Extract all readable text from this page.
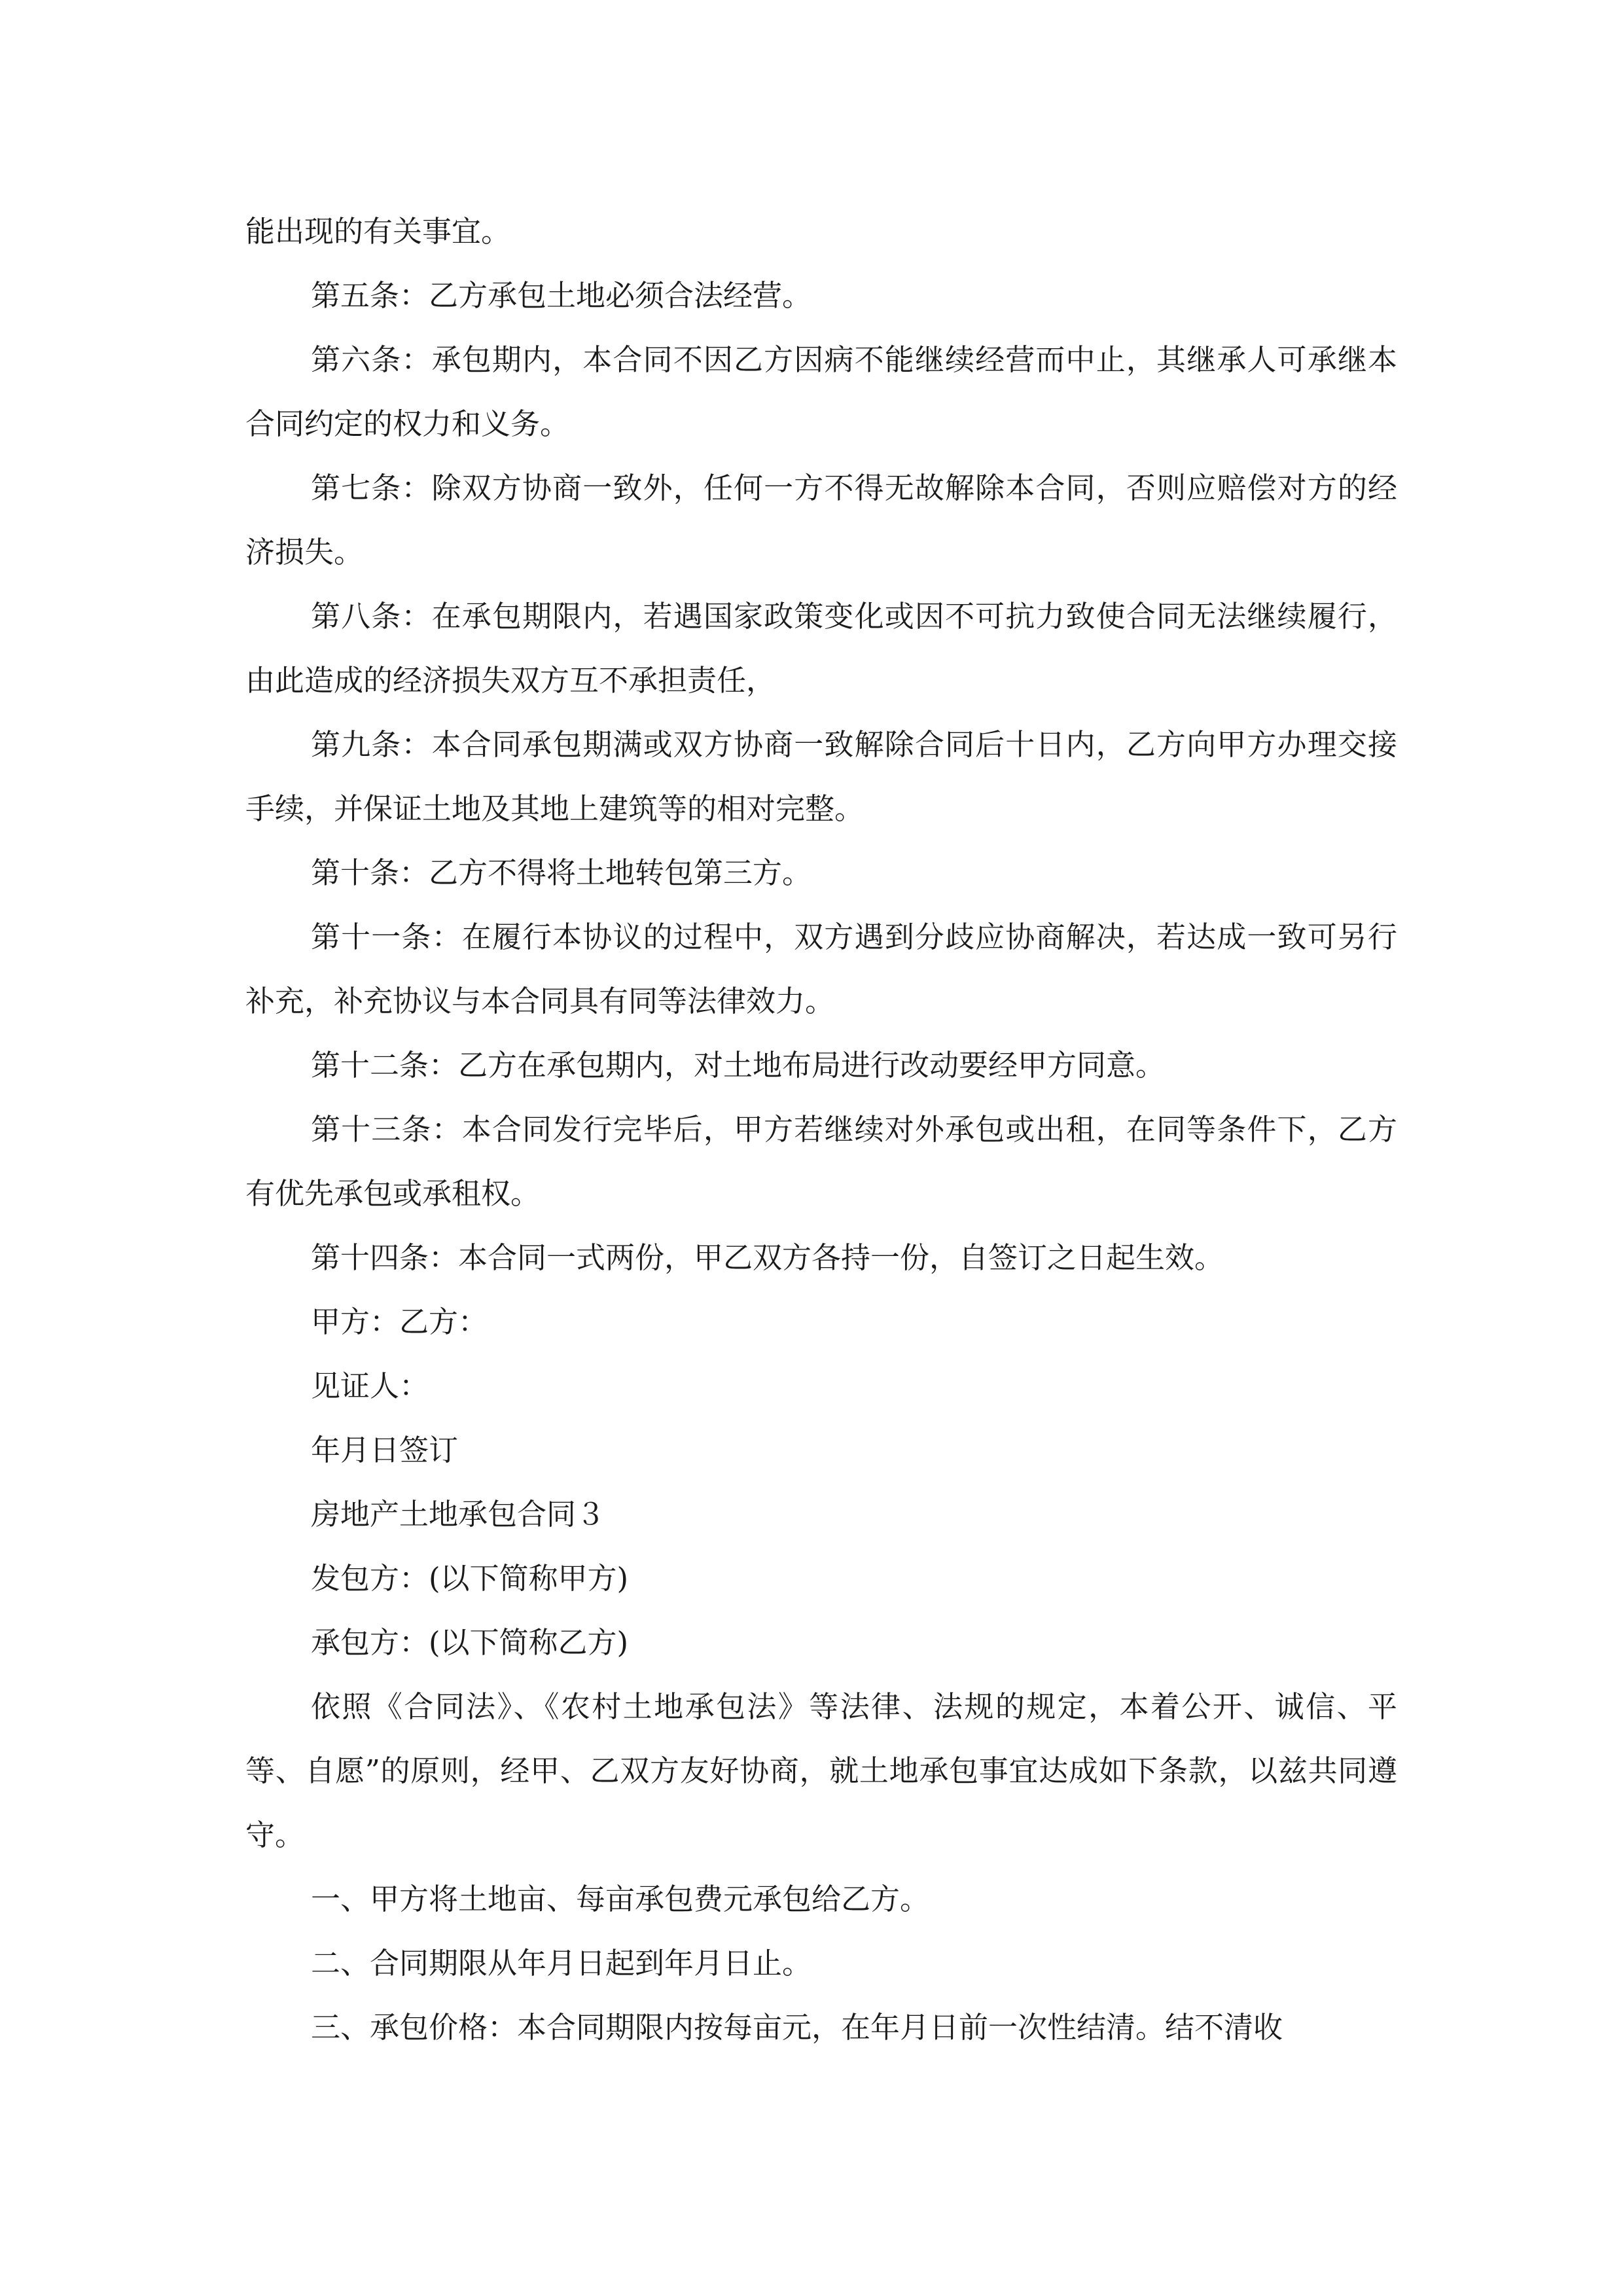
能出现的有关事宜。

第五条：乙方承包土地必须合法经营。

第六条：承包期内，本合同不因乙方因病不能继续经营而中止，其继承人可承继本合同约定的权力和义务。

第七条：除双方协商一致外，任何一方不得无故解除本合同，否则应赔偿对方的经济损失。

第八条：在承包期限内，若遇国家政策变化或因不可抗力致使合同无法继续履行，由此造成的经济损失双方互不承担责任，

第九条：本合同承包期满或双方协商一致解除合同后十日内，乙方向甲方办理交接手续，并保证土地及其地上建筑等的相对完整。

第十条：乙方不得将土地转包第三方。

第十一条：在履行本协议的过程中，双方遇到分歧应协商解决，若达成一致可另行补充，补充协议与本合同具有同等法律效力。

第十二条：乙方在承包期内，对土地布局进行改动要经甲方同意。

第十三条：本合同发行完毕后，甲方若继续对外承包或出租，在同等条件下，乙方有优先承包或承租权。

第十四条：本合同一式两份，甲乙双方各持一份，自签订之日起生效。

甲方：乙方：

见证人：

年月日签订

房地产土地承包合同３

发包方：(以下简称甲方)

承包方：(以下简称乙方)

依照《合同法》、《农村土地承包法》等法律、法规的规定，本着公开、诚信、平等、自愿”的原则，经甲、乙双方友好协商，就土地承包事宜达成如下条款，以兹共同遵守。

一、甲方将土地亩、每亩承包费元承包给乙方。

二、合同期限从年月日起到年月日止。

三、承包价格：本合同期限内按每亩元，在年月日前一次性结清。结不清收
